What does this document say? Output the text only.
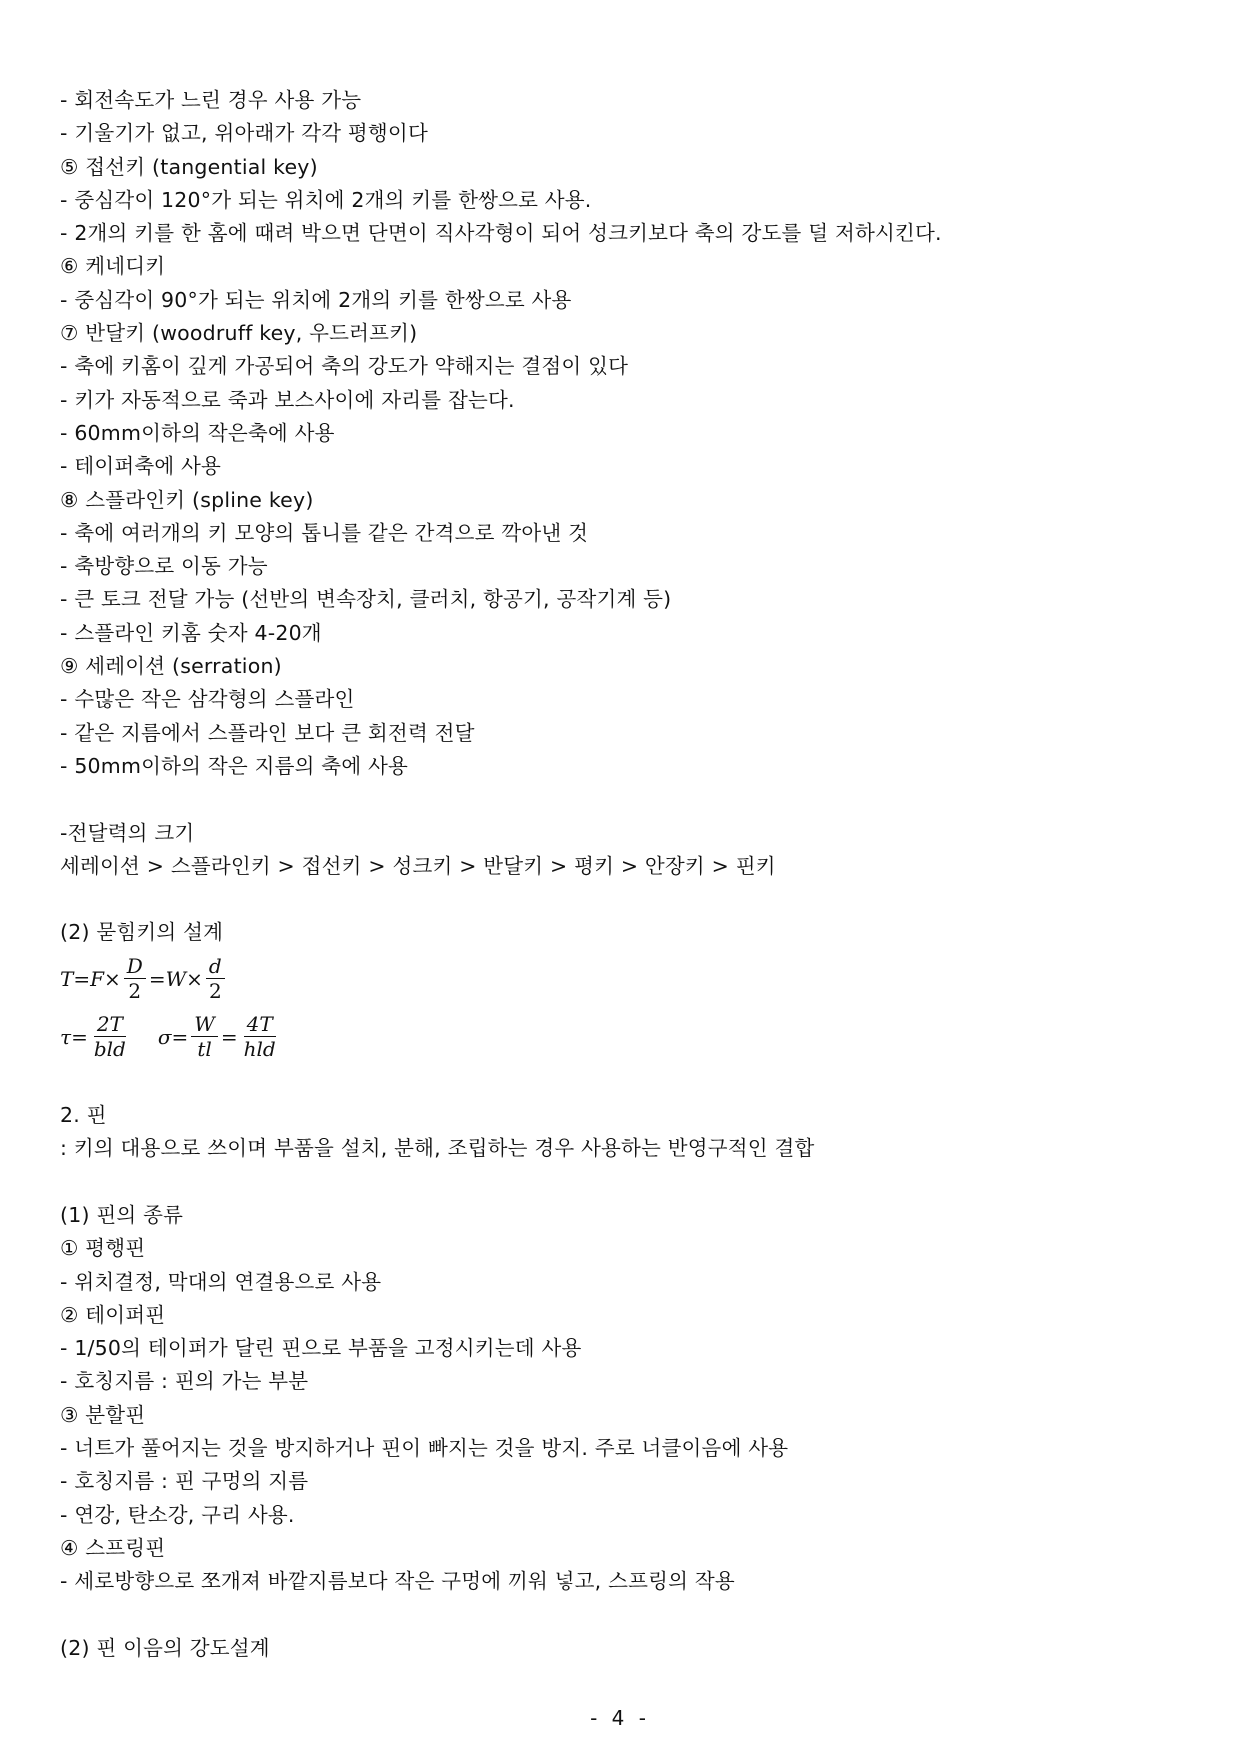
- 회전속도가 느린 경우 사용 가능
- 기울기가 없고, 위아래가 각각 평행이다
⑤ 접선키 (tangential key)
- 중심각이 120°가 되는 위치에 2개의 키를 한쌍으로 사용.
- 2개의 키를 한 홈에 때려 박으면 단면이 직사각형이 되어 성크키보다 축의 강도를 덜 저하시킨다.
⑥ 케네디키
- 중심각이 90°가 되는 위치에 2개의 키를 한쌍으로 사용
⑦ 반달키 (woodruff key, 우드러프키)
- 축에 키홈이 깊게 가공되어 축의 강도가 약해지는 결점이 있다
- 키가 자동적으로 죽과 보스사이에 자리를 잡는다.
- 60mm이하의 작은축에 사용
- 테이퍼축에 사용
⑧ 스플라인키 (spline key)
- 축에 여러개의 키 모양의 톱니를 같은 간격으로 깍아낸 것
- 축방향으로 이동 가능
- 큰 토크 전달 가능 (선반의 변속장치, 클러치, 항공기, 공작기계 등)
- 스플라인 키홈 숫자 4-20개
⑨ 세레이션 (serration)
- 수많은 작은 삼각형의 스플라인
- 같은 지름에서 스플라인 보다 큰 회전력 전달
- 50mm이하의 작은 지름의 축에 사용
-전달력의 크기
세레이션 > 스플라인키 > 접선키 > 성크키 > 반달키 > 평키 > 안장키 > 핀키
(2) 묻힘키의 설계
$T = F \times \frac{D}{2} = W \times \frac{d}{2}$
$\tau = \frac{2T}{\text{bld}}$ $\sigma = \frac{W}{tl} = \frac{4T}{\text{hld}}$
2. 핀
: 키의 대용으로 쓰이며 부품을 설치, 분해, 조립하는 경우 사용하는 반영구적인 결합
(1) 핀의 종류
① 평행핀
- 위치결정, 막대의 연결용으로 사용
② 테이퍼핀
- 1/50의 테이퍼가 달린 핀으로 부품을 고정시키는데 사용
- 호칭지름 : 핀의 가는 부분
③ 분할핀
- 너트가 풀어지는 것을 방지하거나 핀이 빠지는 것을 방지. 주로 너클이음에 사용
- 호칭지름 : 핀 구멍의 지름
- 연강, 탄소강, 구리 사용.
④ 스프링핀
- 세로방향으로 쪼개져 바깥지름보다 작은 구멍에 끼워 넣고, 스프링의 작용
(2) 핀 이음의 강도설계
- 4 -
